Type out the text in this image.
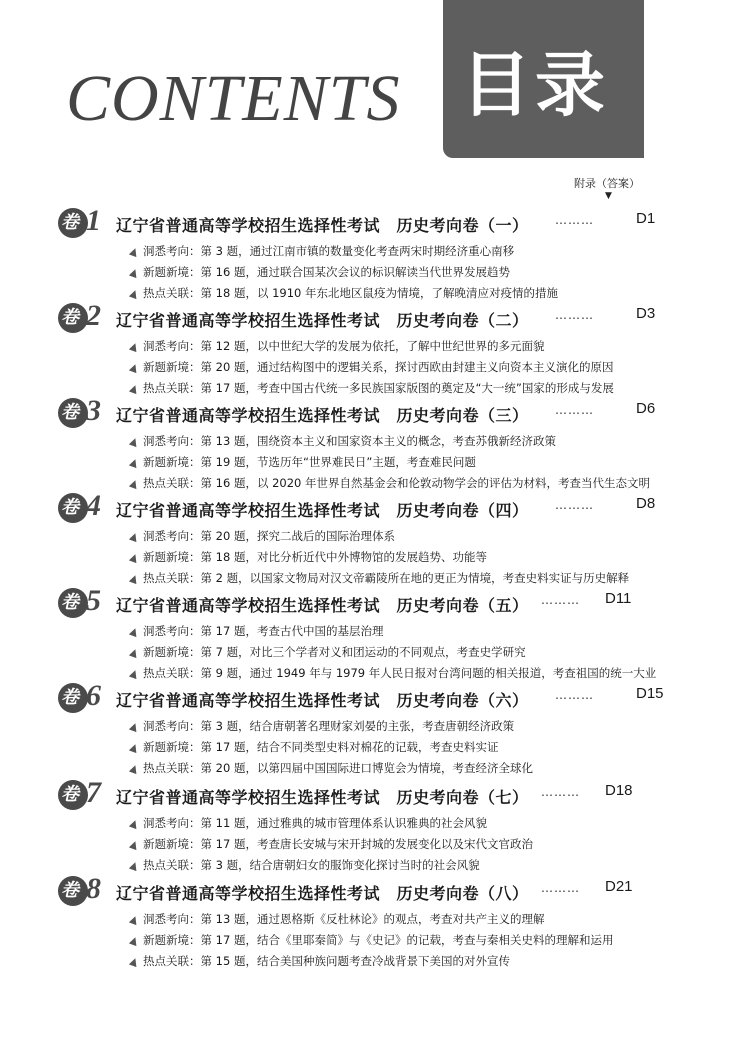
CONTENTS 目录
附录（答案）
▼
卷 1 辽宁省普通高等学校招生选择性考试　历史考向卷（一） ………	D1
洞悉考向：第 3 题，通过江南市镇的数量变化考查两宋时期经济重心南移
新题新境：第 16 题，通过联合国某次会议的标识解读当代世界发展趋势
热点关联：第 18 题，以 1910 年东北地区鼠疫为情境，了解晚清应对疫情的措施
卷 2 辽宁省普通高等学校招生选择性考试　历史考向卷（二） ………	D3
洞悉考向：第 12 题，以中世纪大学的发展为依托，了解中世纪世界的多元面貌
新题新境：第 20 题，通过结构图中的逻辑关系，探讨西欧由封建主义向资本主义演化的原因
热点关联：第 17 题，考查中国古代统一多民族国家版图的奠定及“大一统”国家的形成与发展
卷 3 辽宁省普通高等学校招生选择性考试　历史考向卷（三） ………	D6
洞悉考向：第 13 题，围绕资本主义和国家资本主义的概念，考查苏俄新经济政策
新题新境：第 19 题，节选历年“世界难民日”主题，考查难民问题
热点关联：第 16 题，以 2020 年世界自然基金会和伦敦动物学会的评估为材料，考查当代生态文明
卷 4 辽宁省普通高等学校招生选择性考试　历史考向卷（四） ………	D8
洞悉考向：第 20 题，探究二战后的国际治理体系
新题新境：第 18 题，对比分析近代中外博物馆的发展趋势、功能等
热点关联：第 2 题，以国家文物局对汉文帝霸陵所在地的更正为情境，考查史料实证与历史解释
卷 5 辽宁省普通高等学校招生选择性考试　历史考向卷（五） ……… D11
洞悉考向：第 17 题，考查古代中国的基层治理
新题新境：第 7 题，对比三个学者对义和团运动的不同观点，考查史学研究
热点关联：第 9 题，通过 1949 年与 1979 年人民日报对台湾问题的相关报道，考查祖国的统一大业
卷 6 辽宁省普通高等学校招生选择性考试　历史考向卷（六） ………	D15
洞悉考向：第 3 题，结合唐朝著名理财家刘晏的主张，考查唐朝经济政策
新题新境：第 17 题，结合不同类型史料对棉花的记载，考查史料实证
热点关联：第 20 题，以第四届中国国际进口博览会为情境，考查经济全球化
卷 7 辽宁省普通高等学校招生选择性考试　历史考向卷（七） ……… D18
洞悉考向：第 11 题，通过雅典的城市管理体系认识雅典的社会风貌
新题新境：第 17 题，考查唐长安城与宋开封城的发展变化以及宋代文官政治
热点关联：第 3 题，结合唐朝妇女的服饰变化探讨当时的社会风貌
卷 8 辽宁省普通高等学校招生选择性考试　历史考向卷（八） ……… D21
洞悉考向：第 13 题，通过恩格斯《反杜林论》的观点，考查对共产主义的理解
新题新境：第 17 题，结合《里耶秦简》与《史记》的记载，考查与秦相关史料的理解和运用
热点关联：第 15 题，结合美国种族问题考查冷战背景下美国的对外宣传
